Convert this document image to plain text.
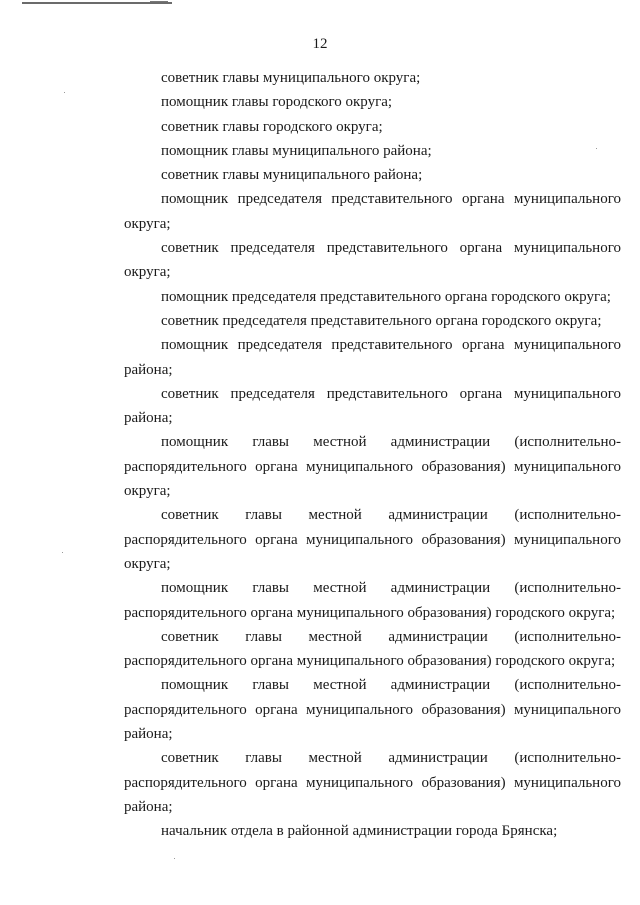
12

советник главы муниципального округа;

помощник главы городского округа;

советник главы городского округа;

помощник главы муниципального района;

советник главы муниципального района;

помощник председателя представительного органа муниципального округа;

советник председателя представительного органа муниципального округа;

помощник председателя представительного органа городского округа;

советник председателя представительного органа городского округа;

помощник председателя представительного органа муниципального района;

советник председателя представительного органа муниципального района;

помощник главы местной администрации (исполнительно-распорядительного органа муниципального образования) муниципального округа;

советник главы местной администрации (исполнительно-распорядительного органа муниципального образования) муниципального округа;

помощник главы местной администрации (исполнительно-распорядительного органа муниципального образования) городского округа;

советник главы местной администрации (исполнительно-распорядительного органа муниципального образования) городского округа;

помощник главы местной администрации (исполнительно-распорядительного органа муниципального образования) муниципального района;

советник главы местной администрации (исполнительно-распорядительного органа муниципального образования) муниципального района;

начальник отдела в районной администрации города Брянска;
